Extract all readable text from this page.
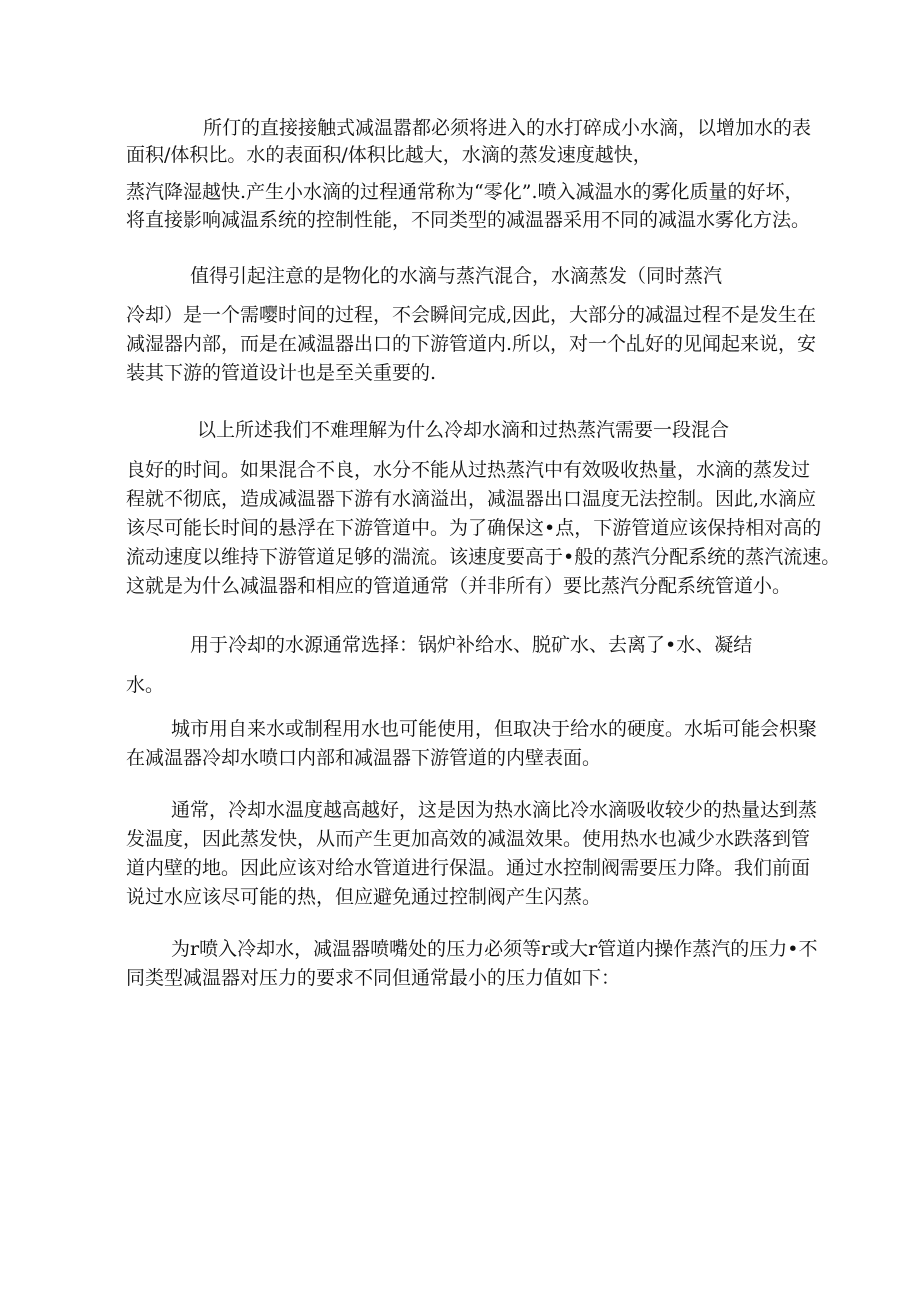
所仃的直接接触式减温嚣都必须将进入的水打碎成小水滴，以增加水的表
面积/体积比。水的表面积/体积比越大，水滴的蒸发速度越快，
蒸汽降湿越快.产生小水滴的过程通常称为“零化”.喷入减温水的雾化质量的好坏，
将直接影响减温系统的控制性能，不同类型的减温器采用不同的减温水雾化方法。
值得引起注意的是物化的水滴与蒸汽混合，水滴蒸发（同时蒸汽
冷却）是一个需嘤时间的过程，不会瞬间完成,因此，大部分的减温过程不是发生在
减湿器内部，而是在减温器出口的下游管道内.所以，对一个乩好的见闻起来说，安
装其下游的管道设计也是至关重要的.
以上所述我们不难理解为什么冷却水滴和过热蒸汽需要一段混合
良好的时间。如果混合不良，水分不能从过热蒸汽中有效吸收热量，水滴的蒸发过
程就不彻底，造成减温器下游有水滴溢出，减温器出口温度无法控制。因此,水滴应
该尽可能长时间的悬浮在下游管道中。为了确保这•点，下游管道应该保持相对高的
流动速度以维持下游管道足够的湍流。该速度要高于•般的蒸汽分配系统的蒸汽流速。
这就是为什么减温器和相应的管道通常（并非所有）要比蒸汽分配系统管道小。
用于冷却的水源通常选择：锅炉补给水、脱矿水、去离了•水、凝结
水。
城市用自来水或制程用水也可能使用，但取决于给水的硬度。水垢可能会枳聚
在减温器冷却水喷口内部和减温器下游管道的内壁表面。
通常，冷却水温度越高越好，这是因为热水滴比冷水滴吸收较少的热量达到蒸
发温度，因此蒸发快，从而产生更加高效的减温效果。使用热水也减少水跌落到管
道内壁的地。因此应该对给水管道进行保温。通过水控制阀需要压力降。我们前面
说过水应该尽可能的热，但应避免通过控制阀产生闪蒸。
为r喷入冷却水，减温器喷嘴处的压力必须等r或大r管道内操作蒸汽的压力•不
同类型减温器对压力的要求不同但通常最小的压力值如下：
